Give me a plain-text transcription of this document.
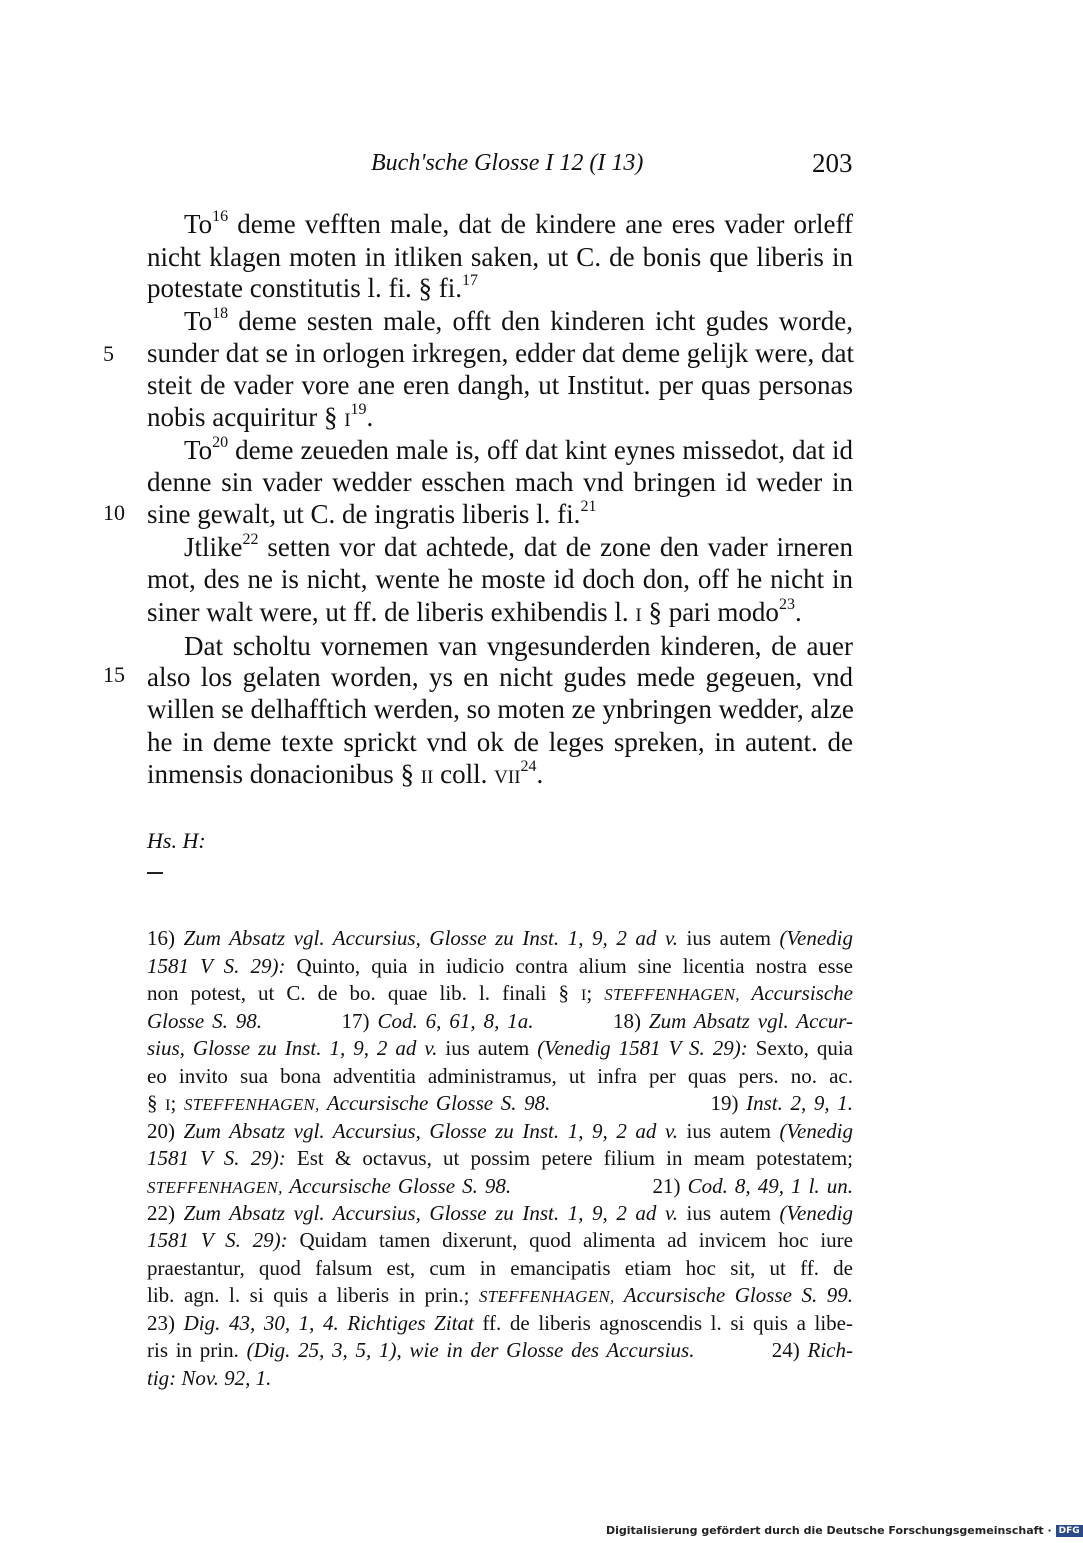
Buch'sche Glosse I 12 (I 13)	203
To$^{16}$ deme vefften male, dat de kindere ane eres vader orleff
nicht klagen moten in itliken saken, ut C. de bonis que liberis in
potestate constitutis l. fi. § fi.$^{17}$
To$^{18}$ deme sesten male, offt den kinderen icht gudes worde,
sunder dat se in orlogen irkregen, edder dat deme gelijk were, dat
steit de vader vore ane eren dangh, ut Institut. per quas personas
nobis acquiritur § $I^{19}$.
To$^{20}$ deme zeueden male is, off dat kint eynes missedot, dat id
denne sin vader wedder esschen mach vnd bringen id weder in
sine gewalt, ut C. de ingratis liberis l. fi.$^{21}$
Jtlike$^{22}$ setten vor dat achtede, dat de zone den vader irneren
mot, des ne is nicht, wente he moste id doch don, off he nicht in
siner walt were, ut ff. de liberis exhibendis l. I § pari modo$^{23}$.
Dat scholtu vornemen van vngesunderden kinderen, de auer
also los gelaten worden, ys en nicht gudes mede gegeuen, vnd
willen se delhafftich werden, so moten ze ynbringen wedder, alze
he in deme texte sprickt vnd ok de leges spreken, in autent. de
inmensis donacionibus § II coll. VII$^{24}$.
5
10
15
Hs. H:
16) Zum Absatz vgl. Accursius, Glosse zu Inst. 1, 9, 2 ad v. ius autem (Venedig
1581 V S. 29): Quinto, quia in iudicio contra alium sine licentia nostra esse
non potest, ut C. de bo. quae lib. l. finali § I; STEFFENHAGEN, Accursische
Glosse S. 98.          17) Cod. 6, 61, 8, 1a.          18) Zum Absatz vgl. Accur-
sius, Glosse zu Inst. 1, 9, 2 ad v. ius autem (Venedig 1581 V S. 29): Sexto, quia
eo invito sua bona adventitia administramus, ut infra per quas pers. no. ac.
§ I; STEFFENHAGEN, Accursische Glosse S. 98.                     19) Inst. 2, 9, 1.
20) Zum Absatz vgl. Accursius, Glosse zu Inst. 1, 9, 2 ad v. ius autem (Venedig
1581 V S. 29): Est & octavus, ut possim petere filium in meam potestatem;
STEFFENHAGEN, Accursische Glosse S. 98.                    21) Cod. 8, 49, 1 l. un.
22) Zum Absatz vgl. Accursius, Glosse zu Inst. 1, 9, 2 ad v. ius autem (Venedig
1581 V S. 29): Quidam tamen dixerunt, quod alimenta ad invicem hoc iure
praestantur, quod falsum est, cum in emancipatis etiam hoc sit, ut ff. de
lib. agn. l. si quis a liberis in prin.; STEFFENHAGEN, Accursische Glosse S. 99.
23) Dig. 43, 30, 1, 4. Richtiges Zitat ff. de liberis agnoscendis l. si quis a libe-
ris in prin. (Dig. 25, 3, 5, 1), wie in der Glosse des Accursius.          24) Rich-
tig: Nov. 92, 1.
Digitalisierung gefördert durch die Deutsche Forschungsgemeinschaft · DFG
